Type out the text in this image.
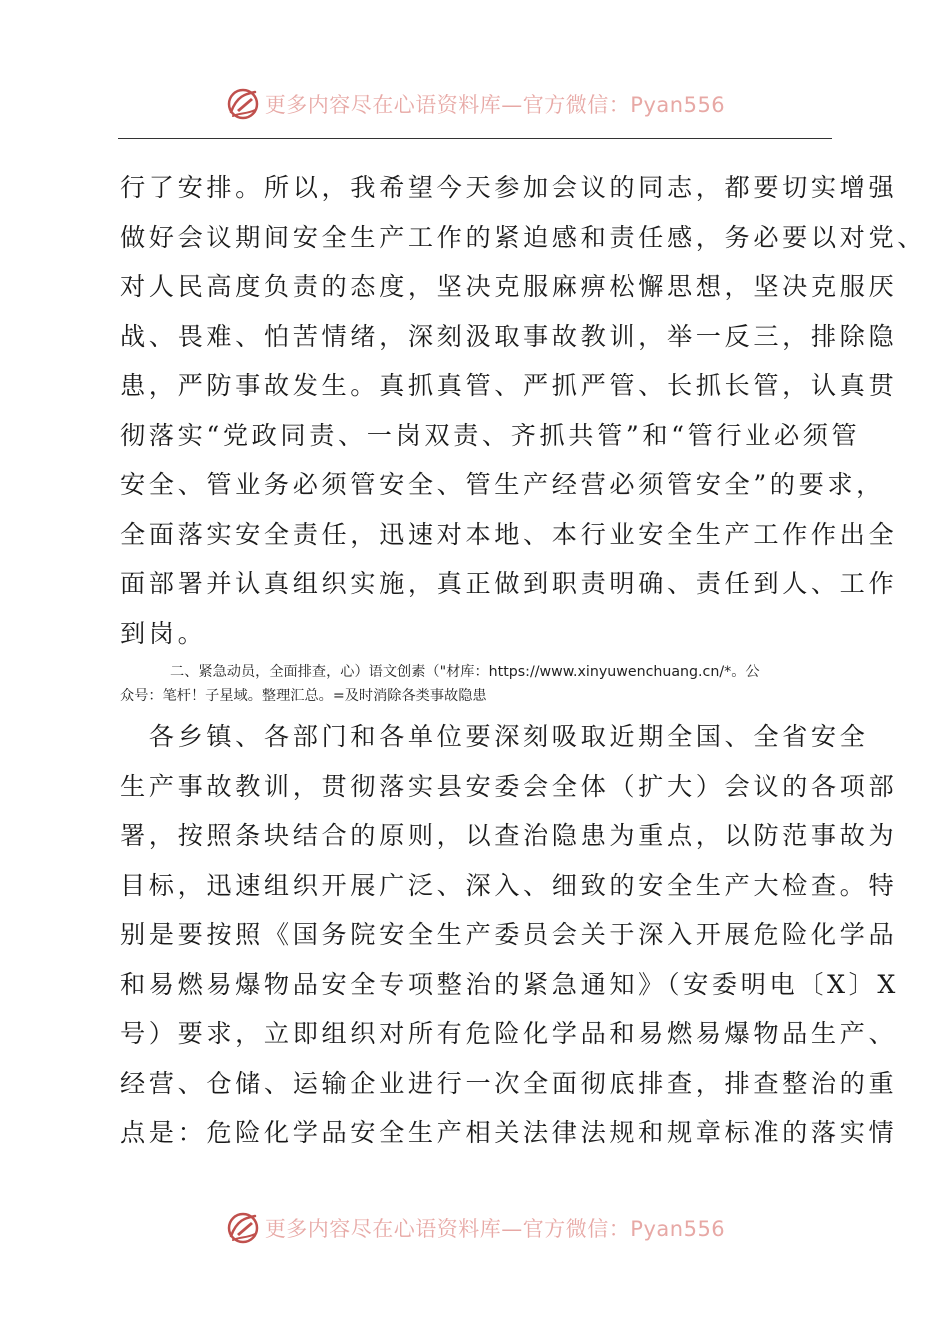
更多内容尽在心语资料库—官方微信：Pyan556
行了安排。所以，我希望今天参加会议的同志，都要切实增强
做好会议期间安全生产工作的紧迫感和责任感，务必要以对党、
对人民高度负责的态度，坚决克服麻痹松懈思想，坚决克服厌
战、畏难、怕苦情绪，深刻汲取事故教训，举一反三，排除隐
患，严防事故发生。真抓真管、严抓严管、长抓长管，认真贯
彻落实“党政同责、一岗双责、齐抓共管”和“管行业必须管
安全、管业务必须管安全、管生产经营必须管安全”的要求，
全面落实安全责任，迅速对本地、本行业安全生产工作作出全
面部署并认真组织实施，真正做到职责明确、责任到人、工作
到岗。
二、紧急动员，全面排查，心）语文创素（"材库：https://www.xinyuwenchuang.cn/*。公
众号：笔杆！子星域。整理汇总。=及时消除各类事故隐患
　各乡镇、各部门和各单位要深刻吸取近期全国、全省安全
生产事故教训，贯彻落实县安委会全体（扩大）会议的各项部
署，按照条块结合的原则，以查治隐患为重点，以防范事故为
目标，迅速组织开展广泛、深入、细致的安全生产大检查。特
别是要按照《国务院安全生产委员会关于深入开展危险化学品
和易燃易爆物品安全专项整治的紧急通知》（安委明电〔X〕X
号）要求，立即组织对所有危险化学品和易燃易爆物品生产、
经营、仓储、运输企业进行一次全面彻底排查，排查整治的重
点是：危险化学品安全生产相关法律法规和规章标准的落实情
更多内容尽在心语资料库—官方微信：Pyan556
